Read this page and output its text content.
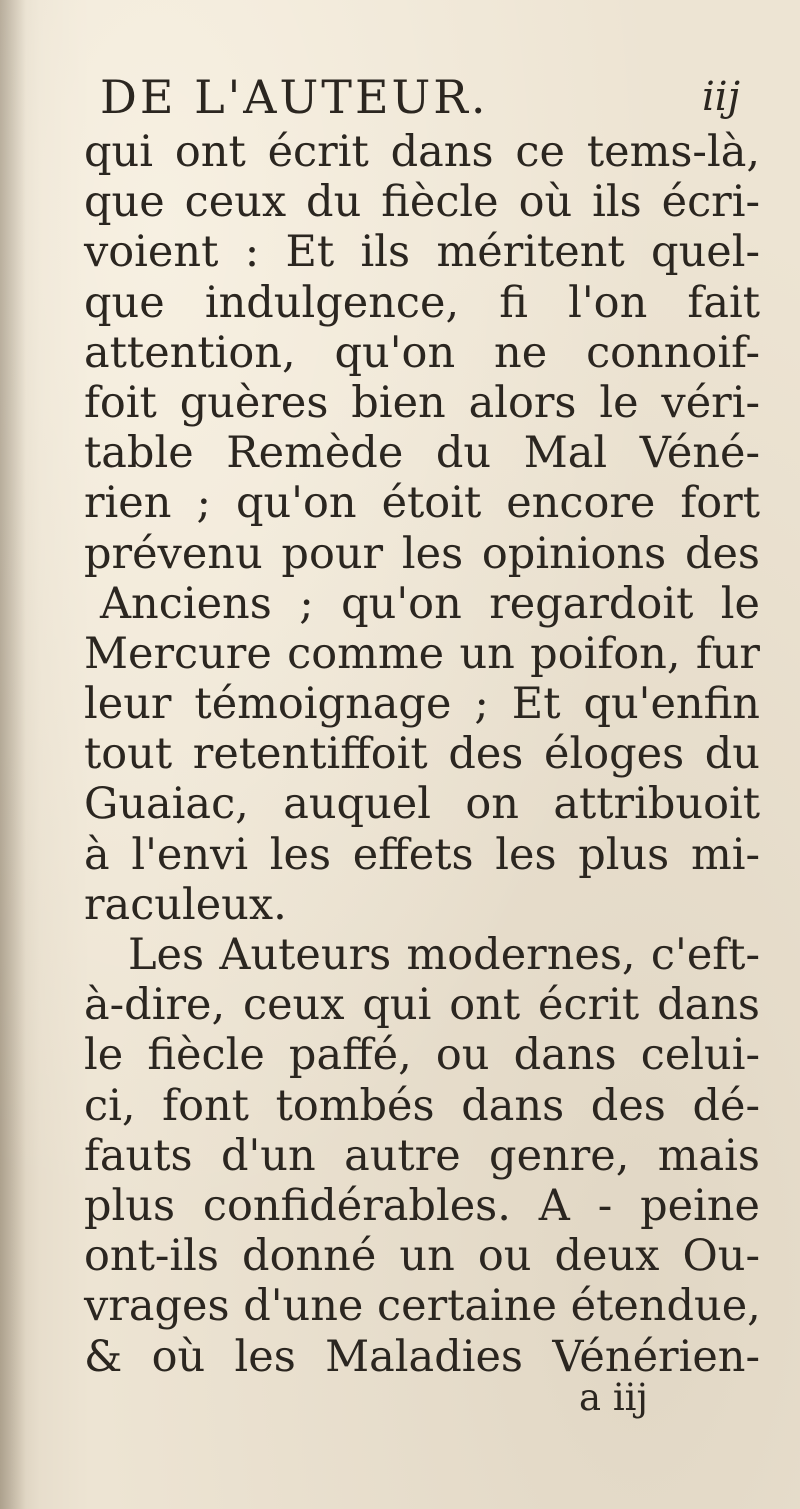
DE L'AUTEUR.	iij
qui ont écrit dans ce tems-là,
que ceux du fiècle où ils écri-
voient : Et ils méritent quel-
que indulgence, fi l'on fait
attention, qu'on ne connoif-
foit guères bien alors le véri-
table Remède du Mal Véné-
rien ; qu'on étoit encore fort
prévenu pour les opinions des
Anciens ; qu'on regardoit le
Mercure comme un poifon, fur
leur témoignage ; Et qu'enfin
tout retentiffoit des éloges du
Guaiac, auquel on attribuoit
à l'envi les effets les plus mi-
raculeux.
Les Auteurs modernes, c'eft-
à-dire, ceux qui ont écrit dans
le fiècle paffé, ou dans celui-
ci, font tombés dans des dé-
fauts d'un autre genre, mais
plus confidérables. A - peine
ont-ils donné un ou deux Ou-
vrages d'une certaine étendue,
& où les Maladies Vénérien-
a iij
